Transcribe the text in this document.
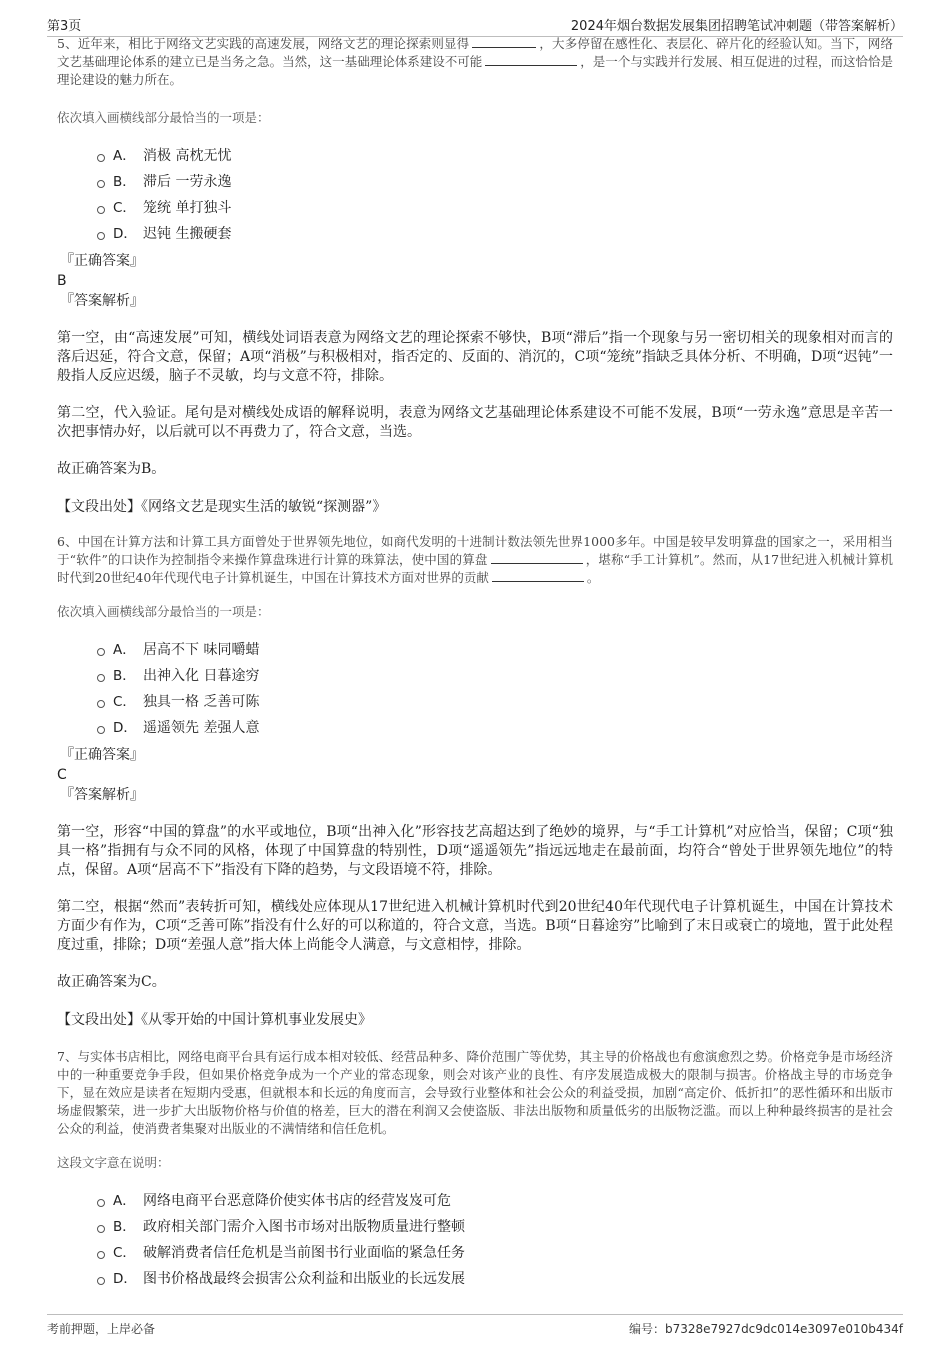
第3页	2024年烟台数据发展集团招聘笔试冲刺题（带答案解析）

5、近年来，相比于网络文艺实践的高速发展，网络文艺的理论探索则显得	，大多停留在感性化、表层化、碎片化的经验认知。当下，网络文艺基础理论体系的建立已是当务之急。当然，这一基础理论体系建设不可能	，是一个与实践并行发展、相互促进的过程，而这恰恰是理论建设的魅力所在。

依次填入画横线部分最恰当的一项是：

A． 消极 高枕无忧
B． 滞后 一劳永逸
C． 笼统 单打独斗
D． 迟钝 生搬硬套
『正确答案』
B
『答案解析』

第一空，由“高速发展”可知，横线处词语表意为网络文艺的理论探索不够快，B项“滞后”指一个现象与另一密切相关的现象相对而言的落后迟延，符合文意，保留；A项“消极”与积极相对，指否定的、反面的、消沉的，C项“笼统”指缺乏具体分析、不明确，D项“迟钝”一般指人反应迟缓，脑子不灵敏，均与文意不符，排除。

第二空，代入验证。尾句是对横线处成语的解释说明，表意为网络文艺基础理论体系建设不可能不发展，B项“一劳永逸”意思是辛苦一次把事情办好，以后就可以不再费力了，符合文意，当选。

故正确答案为B。

【文段出处】《网络文艺是现实生活的敏锐“探测器”》

6、中国在计算方法和计算工具方面曾处于世界领先地位，如商代发明的十进制计数法领先世界1000多年。中国是较早发明算盘的国家之一，采用相当于“软件”的口诀作为控制指令来操作算盘珠进行计算的珠算法，使中国的算盘	，堪称“手工计算机”。然而，从17世纪进入机械计算机时代到20世纪40年代现代电子计算机诞生，中国在计算技术方面对世界的贡献	。

依次填入画横线部分最恰当的一项是：

A． 居高不下 味同嚼蜡
B． 出神入化 日暮途穷
C． 独具一格 乏善可陈
D． 遥遥领先 差强人意
『正确答案』
C
『答案解析』

第一空，形容“中国的算盘”的水平或地位，B项“出神入化”形容技艺高超达到了绝妙的境界，与“手工计算机”对应恰当，保留；C项“独具一格”指拥有与众不同的风格，体现了中国算盘的特别性，D项“遥遥领先”指远远地走在最前面，均符合“曾处于世界领先地位”的特点，保留。A项“居高不下”指没有下降的趋势，与文段语境不符，排除。

第二空，根据“然而”表转折可知，横线处应体现从17世纪进入机械计算机时代到20世纪40年代现代电子计算机诞生，中国在计算技术方面少有作为，C项“乏善可陈”指没有什么好的可以称道的，符合文意，当选。B项“日暮途穷”比喻到了末日或衰亡的境地，置于此处程度过重，排除；D项“差强人意”指大体上尚能令人满意，与文意相悖，排除。

故正确答案为C。

【文段出处】《从零开始的中国计算机事业发展史》

7、与实体书店相比，网络电商平台具有运行成本相对较低、经营品种多、降价范围广等优势，其主导的价格战也有愈演愈烈之势。价格竞争是市场经济中的一种重要竞争手段，但如果价格竞争成为一个产业的常态现象，则会对该产业的良性、有序发展造成极大的限制与损害。价格战主导的市场竞争下，显在效应是读者在短期内受惠，但就根本和长远的角度而言，会导致行业整体和社会公众的利益受损，加剧“高定价、低折扣”的恶性循环和出版市场虚假繁荣，进一步扩大出版物价格与价值的格差，巨大的潜在利润又会使盗版、非法出版物和质量低劣的出版物泛滥。而以上种种最终损害的是社会公众的利益，使消费者集聚对出版业的不满情绪和信任危机。

这段文字意在说明：

A． 网络电商平台恶意降价使实体书店的经营岌岌可危
B． 政府相关部门需介入图书市场对出版物质量进行整顿
C． 破解消费者信任危机是当前图书行业面临的紧急任务
D． 图书价格战最终会损害公众利益和出版业的长远发展
考前押题，上岸必备	编号：b7328e7927dc9dc014e3097e010b434f
